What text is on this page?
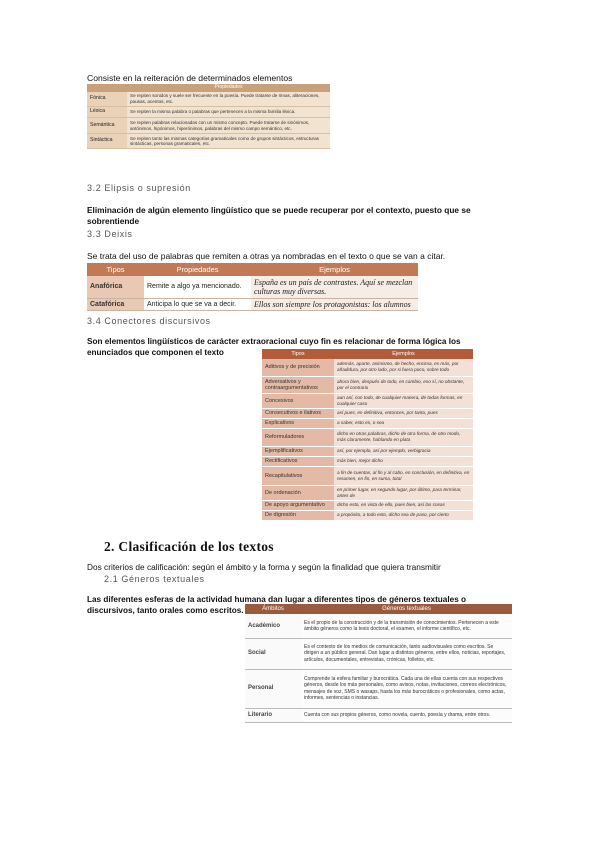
Consiste en la reiteración de determinados elementos
	Propiedades
Fónica	Se repiten sonidos y suele ser frecuente en la poesía. Puede tratarse de rimas, aliteraciones, pausas, acentos, etc.
Léxica	Se repiten la misma palabra o palabras que pertenecen a la misma familia léxica.
Semántica	Se repiten palabras relacionadas con un mismo concepto. Puede tratarse de sinónimos, antónimos, hipónimos, hiperónimos, palabras del mismo campo semántico, etc.
Sintáctica	Se repiten tanto las mismas categorías gramaticales como de grupos sintácticos, estructuras sintácticas, personas gramaticales, etc.
3.2 Elipsis o supresión
Eliminación de algún elemento lingüístico que se puede recuperar por el contexto, puesto que se
sobrentiende
3.3 Deixis
Se trata del uso de palabras que remiten a otras ya nombradas en el texto o que se van a citar.
Tipos	Propiedades	Ejemplos
Anafórica	Remite a algo ya mencionado.	España es un país de contrastes. Aquí se mezclan culturas muy diversas.
Catafórica	Anticipa lo que se va a decir.	Ellos son siempre los protagonistas: los alumnos
3.4 Conectores discursivos
Son elementos lingüísticos de carácter extraoracional cuyo fin es relacionar de forma lógica los
enunciados que componen el texto	Tipos	Ejemplos
Aditivos y de precisión	además, aparte, asimismo, de hecho, encima, es más, por añadidura, por otro lado, por si fuera poco, sobre todo
Adversativos y contraargumentativos	ahora bien, después de todo, en cambio, eso sí, no obstante, por el contrario
Concesivos	aun así, con todo, de cualquier manera, de todas formas, en cualquier caso
Consecutivos e ilativos	así pues, en definitiva, entonces, por tanto, pues
Explicativos	a saber, esto es, o sea
Reformuladores	dicho en otras palabras, dicho de otra forma, de otro modo, más claramente, hablando en plata
Ejemplificativos	así, por ejemplo, así por ejemplo, verbigracia
Rectificativos	más bien, mejor dicho
Recapitulativos	a fin de cuentas, al fin y al cabo, en conclusión, en definitiva, en resumen, en fin, en suma, total
De ordenación	en primer lugar, en segundo lugar, por último, para terminar, antes de
De apoyo argumentativo	dicho esto, en vista de ello, pues bien, así las cosas
De digresión	a propósito, a todo esto, dicho sea de paso, por cierto
2. Clasificación de los textos
Dos criterios de calificación: según el ámbito y la forma y según la finalidad que quiera transmitir
2.1 Géneros textuales
Las diferentes esferas de la actividad humana dan lugar a diferentes tipos de géneros textuales o
discursivos, tanto orales como escritos.	Ámbitos	Géneros textuales
Académico	Es el propio de la construcción y de la transmisión de conocimientos. Pertenecen a este ámbito géneros como la tesis doctoral, el examen, el informe científico, etc.
Social	Es el contexto de los medios de comunicación, tanto audiovisuales como escritos. Se dirigen a un público general. Dan lugar a distintos géneros, entre ellos, noticias, reportajes, artículos, documentales, entrevistas, crónicas, folletos, etc.
Personal	Comprende la esfera familiar y burocrática. Cada una de ellas cuenta con sus respectivos géneros, desde los más personales, como avisos, notas, invitaciones, correos electrónicos, mensajes de voz, SMS o wasaps, hasta los más burocráticos o profesionales, como actas, informes, sentencias o instancias.
Literario	Cuenta con sus propios géneros, como novela, cuento, poesía y drama, entre otros.
